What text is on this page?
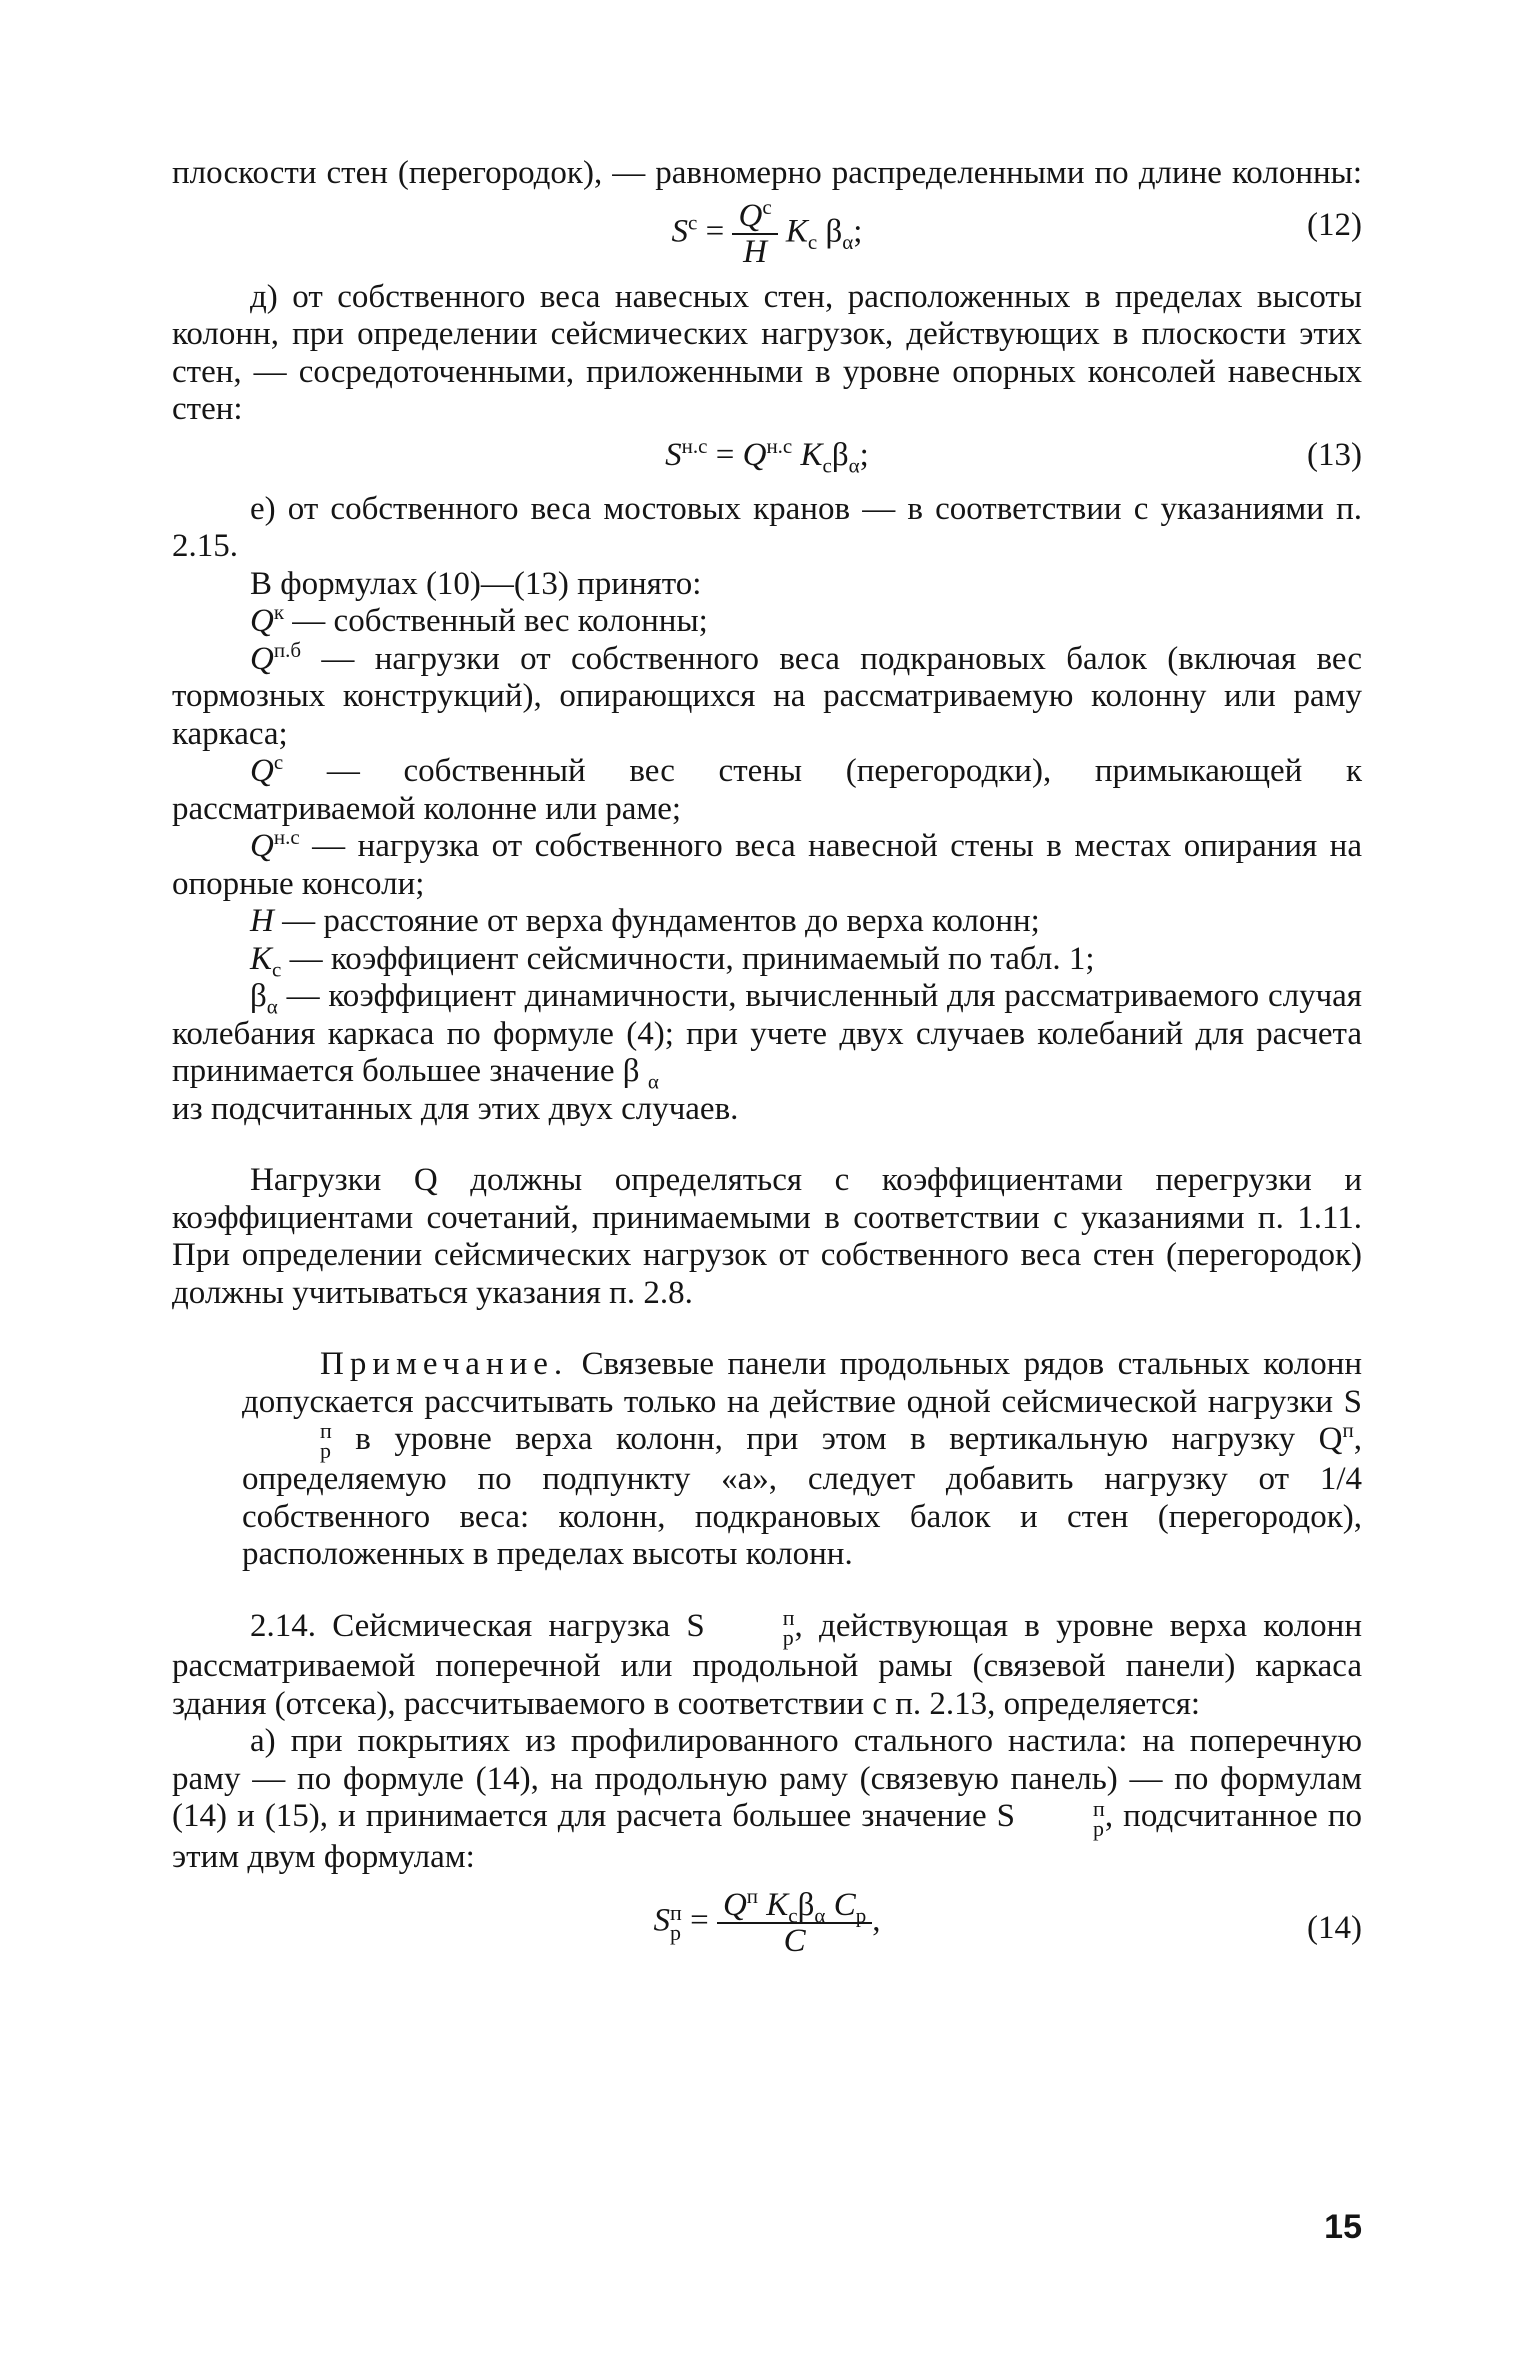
плоскости стен (перегородок), — равномерно распределенными по длине колонны:

$S^c = \frac{Q^c}{H} K_c$ $\beta_\alpha$;	(12)

д) от собственного веса навесных стен, расположенных в пределах высоты колонн, при определении сейсмических нагрузок, действующих в плоскости этих стен, — сосредоточенными, приложенными в уровне опорных консолей навесных стен:

$S^{н.с} = Q^{н.с}$ $K_c\beta_\alpha$;	(13)

е) от собственного веса мостовых кранов — в соответствии с указаниями п. 2.15.

В формулах (10)—(13) принято:

$Q^к$ — собственный вес колонны;

$Q^{п.б}$ — нагрузки от собственного веса подкрановых балок (включая вес тормозных конструкций), опирающихся на рассматриваемую колонну или раму каркаса;

$Q^с$ — собственный вес стены (перегородки), примыкающей к рассматриваемой колонне или раме;

$Q^{н.с}$ — нагрузка от собственного веса навесной стены в местах опирания на опорные консоли;

H — расстояние от верха фундаментов до верха колонн;

$K_c$ — коэффициент сейсмичности, принимаемый по табл. 1;

$\beta_\alpha$ — коэффициент динамичности, вычисленный для рассматриваемого случая колебания каркаса по формуле (4); при учете двух случаев колебаний для расчета принимается большее значение β $_\alpha$

из подсчитанных для этих двух случаев.

Нагрузки Q должны определяться с коэффициентами перегрузки и коэффициентами сочетаний, принимаемыми в соответствии с указаниями п. 1.11. При определении сейсмических нагрузок от собственного веса стен (перегородок) должны учитываться указания п. 2.8.

Примечание. Связевые панели продольных рядов стальных колонн допускается рассчитывать только на действие одной сейсмической нагрузки S
п
р в уровне верха колонн, при этом в вертикальную нагрузку $Q^п$, определяемую по подпункту «а», следует добавить нагрузку от 1/4 собственного веса: колонн, подкрановых балок и стен (перегородок), расположенных в пределах высоты колонн.

2.14. Сейсмическая нагрузка S	п
р , действующая в уровне верха колонн рассматриваемой поперечной или продольной рамы (связевой панели) каркаса здания (отсека), рассчитываемого в соответствии с п. 2.13, определяется:

а) при покрытиях из профилированного стального настила: на поперечную раму — по формуле (14), на продольную раму (связевую панель) — по формулам (14) и (15), и принимается для расчета большее значение S	п
р , подсчитанное по этим двум формулам:

S п
$р = \frac{Q^п K_c\beta_\alpha C_р}{C}$ ,	(14)
15
